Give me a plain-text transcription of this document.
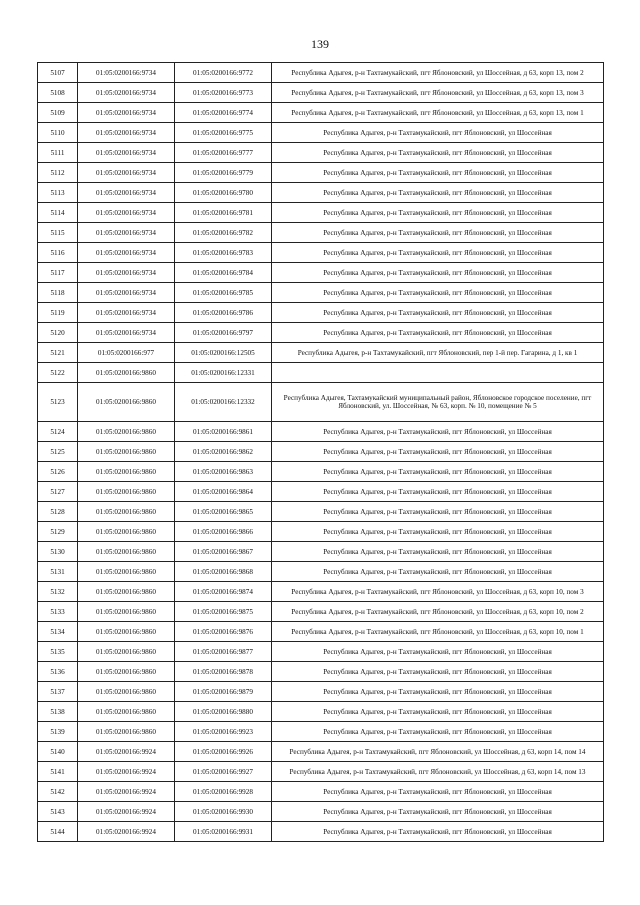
139
5107	01:05:0200166:9734	01:05:0200166:9772	Республика Адыгея, р-н Тахтамукайский, пгт Яблоновский, ул Шоссейная, д 63, корп 13, пом 2
5108	01:05:0200166:9734	01:05:0200166:9773	Республика Адыгея, р-н Тахтамукайский, пгт Яблоновский, ул Шоссейная, д 63, корп 13, пом 3
5109	01:05:0200166:9734	01:05:0200166:9774	Республика Адыгея, р-н Тахтамукайский, пгт Яблоновский, ул Шоссейная, д 63, корп 13, пом 1
5110	01:05:0200166:9734	01:05:0200166:9775	Республика Адыгея, р-н Тахтамукайский, пгт Яблоновский, ул Шоссейная
5111	01:05:0200166:9734	01:05:0200166:9777	Республика Адыгея, р-н Тахтамукайский, пгт Яблоновский, ул Шоссейная
5112	01:05:0200166:9734	01:05:0200166:9779	Республика Адыгея, р-н Тахтамукайский, пгт Яблоновский, ул Шоссейная
5113	01:05:0200166:9734	01:05:0200166:9780	Республика Адыгея, р-н Тахтамукайский, пгт Яблоновский, ул Шоссейная
5114	01:05:0200166:9734	01:05:0200166:9781	Республика Адыгея, р-н Тахтамукайский, пгт Яблоновский, ул Шоссейная
5115	01:05:0200166:9734	01:05:0200166:9782	Республика Адыгея, р-н Тахтамукайский, пгт Яблоновский, ул Шоссейная
5116	01:05:0200166:9734	01:05:0200166:9783	Республика Адыгея, р-н Тахтамукайский, пгт Яблоновский, ул Шоссейная
5117	01:05:0200166:9734	01:05:0200166:9784	Республика Адыгея, р-н Тахтамукайский, пгт Яблоновский, ул Шоссейная
5118	01:05:0200166:9734	01:05:0200166:9785	Республика Адыгея, р-н Тахтамукайский, пгт Яблоновский, ул Шоссейная
5119	01:05:0200166:9734	01:05:0200166:9786	Республика Адыгея, р-н Тахтамукайский, пгт Яблоновский, ул Шоссейная
5120	01:05:0200166:9734	01:05:0200166:9797	Республика Адыгея, р-н Тахтамукайский, пгт Яблоновский, ул Шоссейная
5121	01:05:0200166:977	01:05:0200166:12505	Республика Адыгея, р-н Тахтамукайский, пгт Яблоновский, пер 1-й пер. Гагарина, д 1, кв 1
5122	01:05:0200166:9860	01:05:0200166:12331	
5123	01:05:0200166:9860	01:05:0200166:12332	Республика Адыгея, Тахтамукайский муниципальный район, Яблоновское городское поселение, пгт Яблоновский, ул. Шоссейная, № 63, корп. № 10, помещение № 5
5124	01:05:0200166:9860	01:05:0200166:9861	Республика Адыгея, р-н Тахтамукайский, пгт Яблоновский, ул Шоссейная
5125	01:05:0200166:9860	01:05:0200166:9862	Республика Адыгея, р-н Тахтамукайский, пгт Яблоновский, ул Шоссейная
5126	01:05:0200166:9860	01:05:0200166:9863	Республика Адыгея, р-н Тахтамукайский, пгт Яблоновский, ул Шоссейная
5127	01:05:0200166:9860	01:05:0200166:9864	Республика Адыгея, р-н Тахтамукайский, пгт Яблоновский, ул Шоссейная
5128	01:05:0200166:9860	01:05:0200166:9865	Республика Адыгея, р-н Тахтамукайский, пгт Яблоновский, ул Шоссейная
5129	01:05:0200166:9860	01:05:0200166:9866	Республика Адыгея, р-н Тахтамукайский, пгт Яблоновский, ул Шоссейная
5130	01:05:0200166:9860	01:05:0200166:9867	Республика Адыгея, р-н Тахтамукайский, пгт Яблоновский, ул Шоссейная
5131	01:05:0200166:9860	01:05:0200166:9868	Республика Адыгея, р-н Тахтамукайский, пгт Яблоновский, ул Шоссейная
5132	01:05:0200166:9860	01:05:0200166:9874	Республика Адыгея, р-н Тахтамукайский, пгт Яблоновский, ул Шоссейная, д 63, корп 10, пом 3
5133	01:05:0200166:9860	01:05:0200166:9875	Республика Адыгея, р-н Тахтамукайский, пгт Яблоновский, ул Шоссейная, д 63, корп 10, пом 2
5134	01:05:0200166:9860	01:05:0200166:9876	Республика Адыгея, р-н Тахтамукайский, пгт Яблоновский, ул Шоссейная, д 63, корп 10, пом 1
5135	01:05:0200166:9860	01:05:0200166:9877	Республика Адыгея, р-н Тахтамукайский, пгт Яблоновский, ул Шоссейная
5136	01:05:0200166:9860	01:05:0200166:9878	Республика Адыгея, р-н Тахтамукайский, пгт Яблоновский, ул Шоссейная
5137	01:05:0200166:9860	01:05:0200166:9879	Республика Адыгея, р-н Тахтамукайский, пгт Яблоновский, ул Шоссейная
5138	01:05:0200166:9860	01:05:0200166:9880	Республика Адыгея, р-н Тахтамукайский, пгт Яблоновский, ул Шоссейная
5139	01:05:0200166:9860	01:05:0200166:9923	Республика Адыгея, р-н Тахтамукайский, пгт Яблоновский, ул Шоссейная
5140	01:05:0200166:9924	01:05:0200166:9926	Республика Адыгея, р-н Тахтамукайский, пгт Яблоновский, ул Шоссейная, д 63, корп 14, пом 14
5141	01:05:0200166:9924	01:05:0200166:9927	Республика Адыгея, р-н Тахтамукайский, пгт Яблоновский, ул Шоссейная, д 63, корп 14, пом 13
5142	01:05:0200166:9924	01:05:0200166:9928	Республика Адыгея, р-н Тахтамукайский, пгт Яблоновский, ул Шоссейная
5143	01:05:0200166:9924	01:05:0200166:9930	Республика Адыгея, р-н Тахтамукайский, пгт Яблоновский, ул Шоссейная
5144	01:05:0200166:9924	01:05:0200166:9931	Республика Адыгея, р-н Тахтамукайский, пгт Яблоновский, ул Шоссейная
